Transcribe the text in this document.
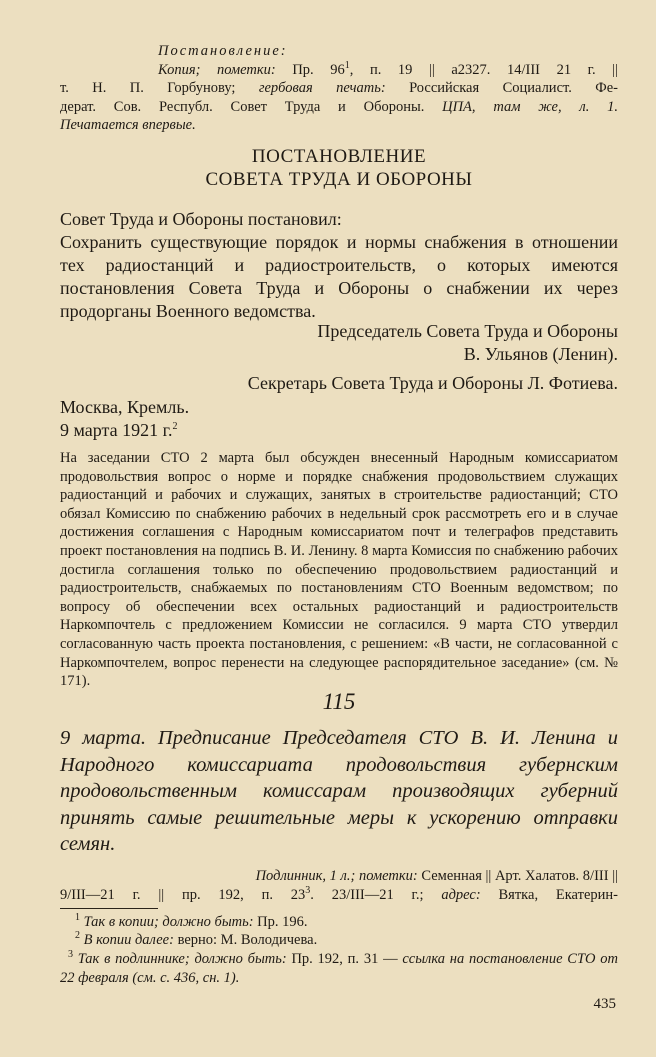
Постановление:
Копия; пометки: Пр. $96^1$, п. 19 || а2327. 14/III 21 г. ||
т. Н. П. Горбунову; гербовая печать: Российская Социалист. Фе-
дерат. Сов. Республ. Совет Труда и Обороны. ЦПА, там же, л. 1.
Печатается впервые.
ПОСТАНОВЛЕНИЕ
СОВЕТА ТРУДА И ОБОРОНЫ
Совет Труда и Обороны постановил:
Сохранить существующие порядок и нормы снабжения в отношении тех радиостанций и радиостроительств, о которых имеются постановления Совета Труда и Обороны о снабжении их через продорганы Военного ведомства.
Председатель Совета Труда и Обороны
В. Ульянов (Ленин).
Секретарь Совета Труда и Обороны Л. Фотиева.
Москва, Кремль.
9 марта 1921 г.$^2$
На заседании СТО 2 марта был обсужден внесенный Народным комиссариатом продовольствия вопрос о норме и порядке снабжения продовольствием служащих радиостанций и рабочих и служащих, занятых в строительстве радиостанций; СТО обязал Комиссию по снабжению рабочих в недельный срок рассмотреть его и в случае достижения соглашения с Народным комиссариатом почт и телеграфов представить проект постановления на подпись В. И. Ленину. 8 марта Комиссия по снабжению рабочих достигла соглашения только по обеспечению продовольствием радиостанций и радиостроительств, снабжаемых по постановлениям СТО Военным ведомством; по вопросу об обеспечении всех остальных радиостанций и радиостроительств Наркомпочтель с предложением Комиссии не согласился. 9 марта СТО утвердил согласованную часть проекта постановления, с решением: «В части, не согласованной с Наркомпочтелем, вопрос перенести на следующее распорядительное заседание» (см. № 171).
115
9 марта. Предписание Председателя СТО В. И. Ленина и Народного комиссариата продовольствия губернским продовольственным комиссарам производящих губерний принять самые решительные меры к ускорению отправки семян.
Подлинник, 1 л.; пометки: Семенная || Арт. Халатов. 8/III ||
9/III—21 г. || пр. 192, п. $23^3$. 23/III—21 г.; адрес: Вятка, Екатерин-
$^1$ Так в копии; должно быть: Пр. 196.
$^2$ В копии далее: верно: М. Володичева.
$^3$ Так в подлиннике; должно быть: Пр. 192, п. 31 — ссылка на постановление СТО от 22 февраля (см. с. 436, сн. 1).
435
